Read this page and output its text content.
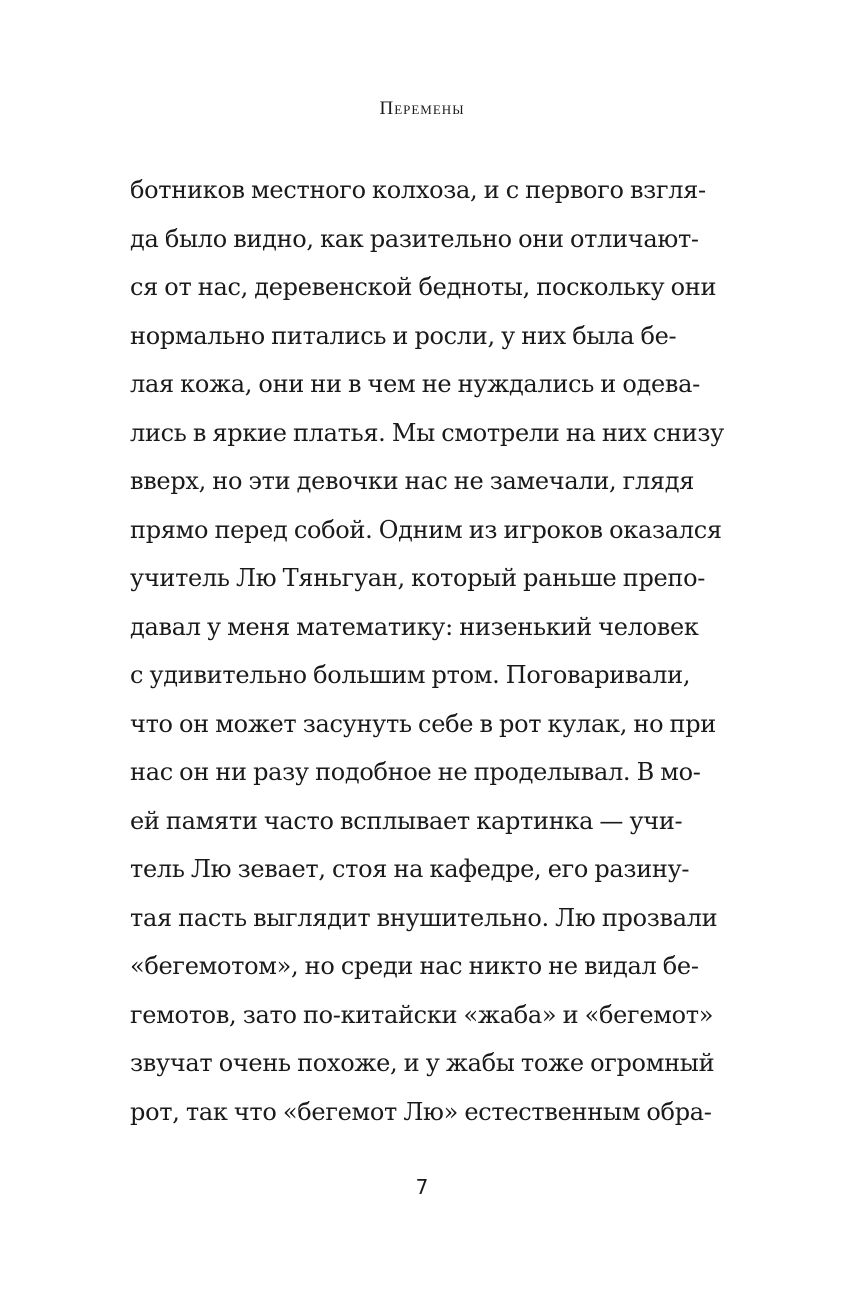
Перемены
ботников местного колхоза, и с первого взгля-
да было видно, как разительно они отличают-
ся от нас, деревенской бедноты, поскольку они
нормально питались и росли, у них была бе-
лая кожа, они ни в чем не нуждались и одева-
лись в яркие платья. Мы смотрели на них снизу
вверх, но эти девочки нас не замечали, глядя
прямо перед собой. Одним из игроков оказался
учитель Лю Тяньгуан, который раньше препо-
давал у меня математику: низенький человек
с удивительно большим ртом. Поговаривали,
что он может засунуть себе в рот кулак, но при
нас он ни разу подобное не проделывал. В мо-
ей памяти часто всплывает картинка — учи-
тель Лю зевает, стоя на кафедре, его разину-
тая пасть выглядит внушительно. Лю прозвали
«бегемотом», но среди нас никто не видал бе-
гемотов, зато по-китайски «жаба» и «бегемот»
звучат очень похоже, и у жабы тоже огромный
рот, так что «бегемот Лю» естественным обра-
7
